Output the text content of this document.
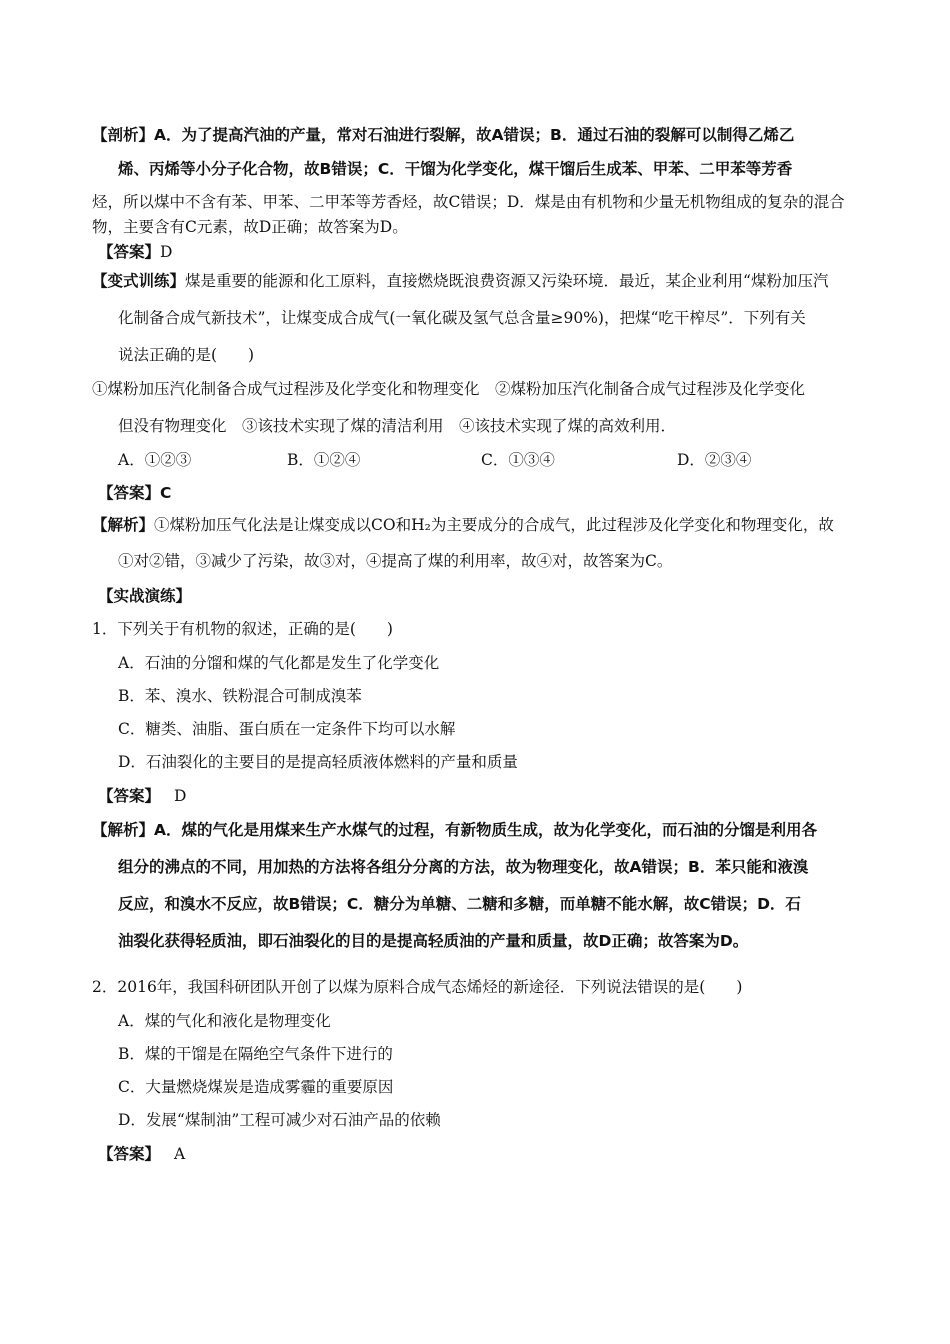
【剖析】A．为了提高汽油的产量，常对石油进行裂解，故A错误；B．通过石油的裂解可以制得乙烯乙
烯、丙烯等小分子化合物，故B错误；C．干馏为化学变化，煤干馏后生成苯、甲苯、二甲苯等芳香
烃，所以煤中不含有苯、甲苯、二甲苯等芳香烃，故C错误；D．煤是由有机物和少量无机物组成的复杂的混合
物，主要含有C元素，故D正确；故答案为D。
【答案】D
【变式训练】煤是重要的能源和化工原料，直接燃烧既浪费资源又污染环境．最近，某企业利用“煤粉加压汽
化制备合成气新技术”，让煤变成合成气(一氧化碳及氢气总含量≥90%)，把煤“吃干榨尽”．下列有关
说法正确的是(　　)
①煤粉加压汽化制备合成气过程涉及化学变化和物理变化　②煤粉加压汽化制备合成气过程涉及化学变化
但没有物理变化　③该技术实现了煤的清洁利用　④该技术实现了煤的高效利用．
A．①②③	B．①②④	C．①③④	D．②③④
【答案】C
【解析】①煤粉加压气化法是让煤变成以CO和H₂为主要成分的合成气，此过程涉及化学变化和物理变化，故
①对②错，③减少了污染，故③对，④提高了煤的利用率，故④对，故答案为C。
【实战演练】
1．下列关于有机物的叙述，正确的是(　　)
A．石油的分馏和煤的气化都是发生了化学变化
B．苯、溴水、铁粉混合可制成溴苯
C．糖类、油脂、蛋白质在一定条件下均可以水解
D．石油裂化的主要目的是提高轻质液体燃料的产量和质量
【答案】 D
【解析】A．煤的气化是用煤来生产水煤气的过程，有新物质生成，故为化学变化，而石油的分馏是利用各
组分的沸点的不同，用加热的方法将各组分分离的方法，故为物理变化，故A错误；B．苯只能和液溴
反应，和溴水不反应，故B错误；C．糖分为单糖、二糖和多糖，而单糖不能水解，故C错误；D．石
油裂化获得轻质油，即石油裂化的目的是提高轻质油的产量和质量，故D正确；故答案为D。
2．2016年，我国科研团队开创了以煤为原料合成气态烯烃的新途径．下列说法错误的是(　　)
A．煤的气化和液化是物理变化
B．煤的干馏是在隔绝空气条件下进行的
C．大量燃烧煤炭是造成雾霾的重要原因
D．发展“煤制油”工程可减少对石油产品的依赖
【答案】 A
